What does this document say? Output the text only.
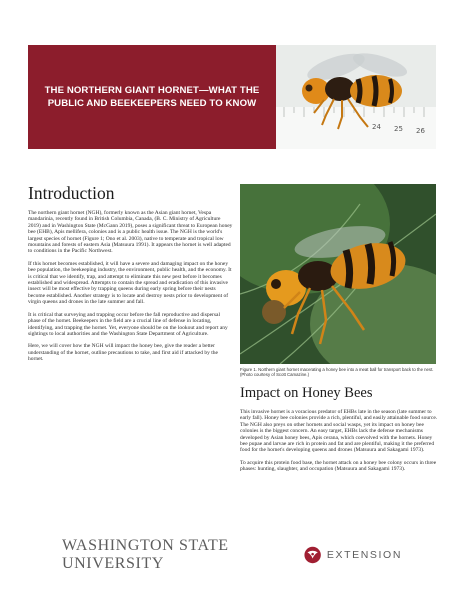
THE NORTHERN GIANT HORNET—WHAT THE PUBLIC AND BEEKEEPERS NEED TO KNOW
24 25 26
Introduction

The northern giant hornet (NGH), formerly known as the Asian giant hornet, Vespa mandarinia, recently found in British Columbia, Canada, (B. C. Ministry of Agriculture 2019) and in Washington State (McGann 2019), poses a significant threat to European honey bee (EHB), Apis mellifera, colonies and is a public health issue. The NGH is the world's largest species of hornet (Figure 1; Ono et al. 2003), native to temperate and tropical low mountains and forests of eastern Asia (Matsuura 1991). It appears the hornet is well adapted to conditions in the Pacific Northwest.

If this hornet becomes established, it will have a severe and damaging impact on the honey bee population, the beekeeping industry, the environment, public health, and the economy. It is critical that we identify, trap, and attempt to eliminate this new pest before it becomes established and widespread. Attempts to contain the spread and eradication of this invasive insect will be most effective by trapping queens during early spring before their nests become established. Another strategy is to locate and destroy nests prior to development of virgin queens and drones in the late summer and fall.

It is critical that surveying and trapping occur before the fall reproductive and dispersal phase of the hornet. Beekeepers in the field are a crucial line of defense in locating, identifying, and trapping the hornet. Yet, everyone should be on the lookout and report any sightings to local authorities and the Washington State Department of Agriculture.

Here, we will cover how the NGH will impact the honey bee, give the reader a better understanding of the hornet, outline precautions to take, and first aid if attacked by the hornet.

Figure 1. Northern giant hornet macerating a honey bee into a meat ball for transport back to the nest. (Photo courtesy of Scott Camazine.)
Impact on Honey Bees

This invasive hornet is a voracious predator of EHBs late in the season (late summer to early fall). Honey bee colonies provide a rich, plentiful, and easily attainable food source. The NGH also preys on other hornets and social wasps, yet its impact on honey bee colonies is the biggest concern. An easy target, EHBs lack the defense mechanisms developed by Asian honey bees, Apis cerana, which coevolved with the hornets. Honey bee pupae and larvae are rich in protein and fat and are plentiful, making it the preferred food for the hornet's developing queens and drones (Matsuura and Sakagami 1973).

To acquire this protein food base, the hornet attack on a honey bee colony occurs in three phases: hunting, slaughter, and occupation (Matsuura and Sakagami 1973).

WASHINGTON STATE UNIVERSITY	EXTENSION
